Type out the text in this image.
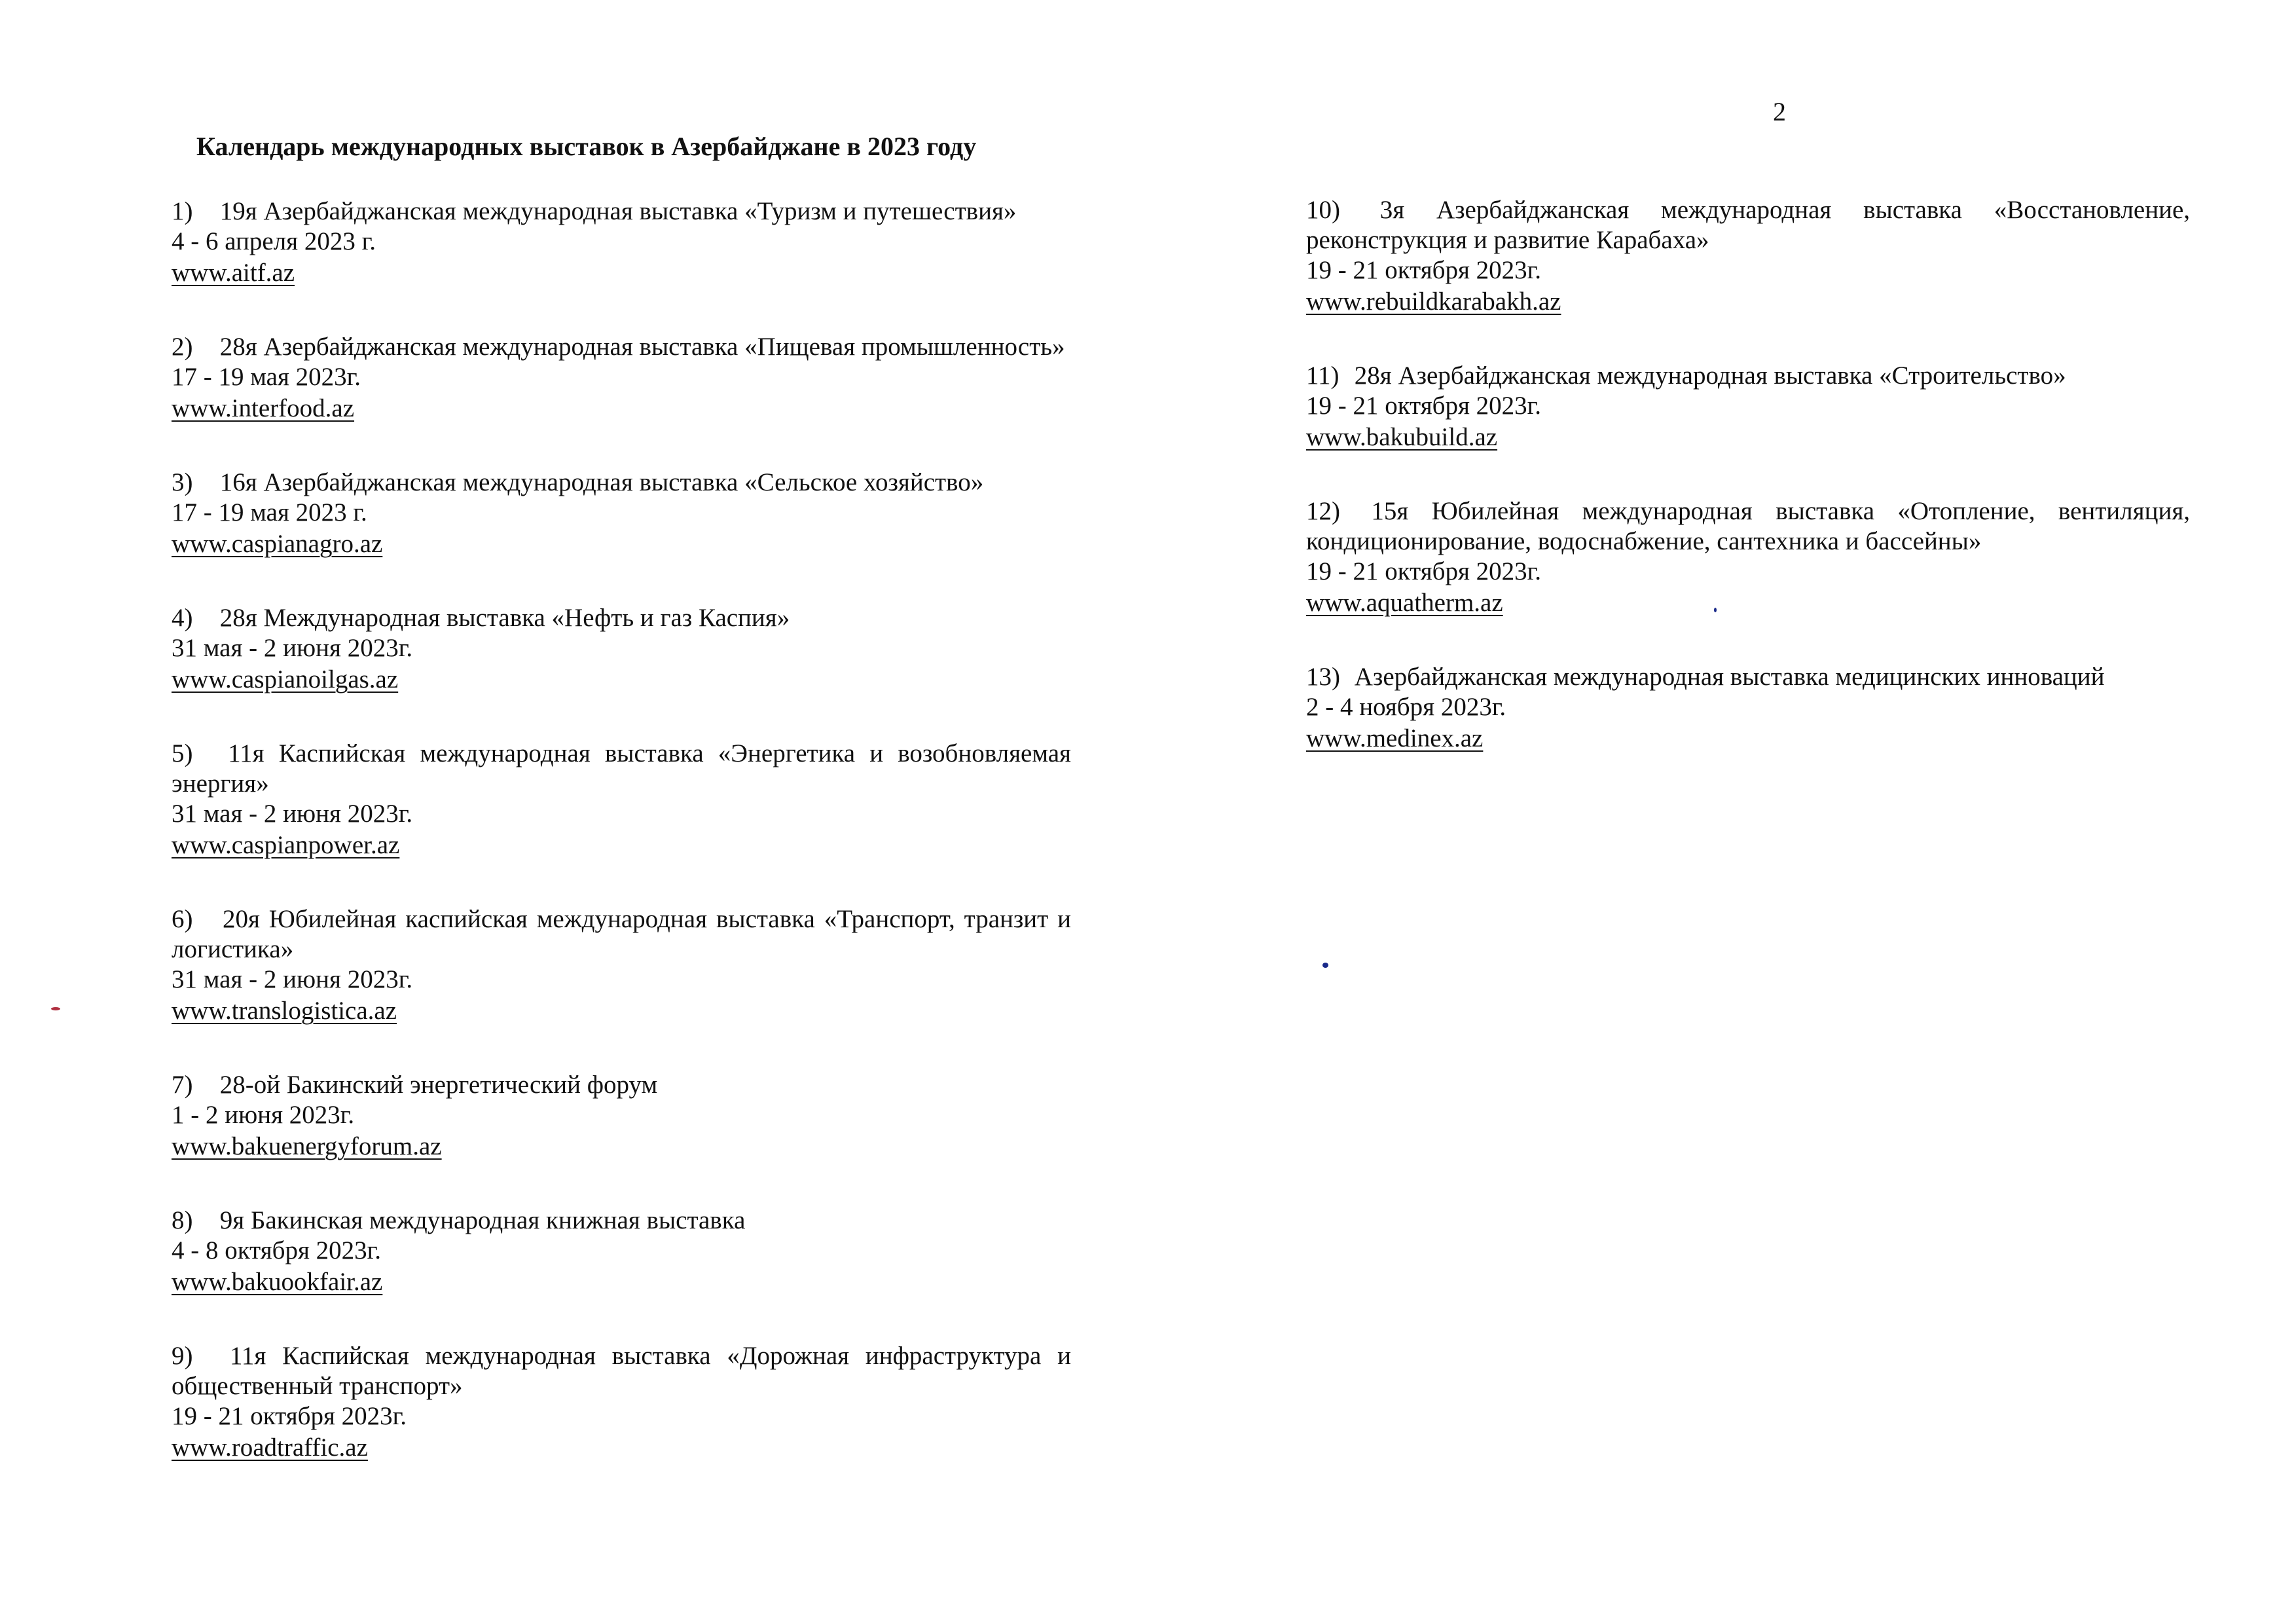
2
Календарь международных выставок в Азербайджане в 2023 году
1) 19я Азербайджанская международная выставка «Туризм и путешествия»
4 - 6 апреля 2023 г.
www.aitf.az
2) 28я Азербайджанская международная выставка «Пищевая промышленность»
17 - 19 мая 2023г.
www.interfood.az
3) 16я Азербайджанская международная выставка «Сельское хозяйство»
17 - 19 мая 2023 г.
www.caspianagro.az
4) 28я Международная выставка «Нефть и газ Каспия»
31 мая - 2 июня 2023г.
www.caspianoilgas.az
5) 11я Каспийская международная выставка «Энергетика и возобновляемая энергия»
31 мая - 2 июня 2023г.
www.caspianpower.az
6) 20я Юбилейная каспийская международная выставка «Транспорт, транзит и логистика»
31 мая - 2 июня 2023г.
www.translogistica.az
7) 28-ой Бакинский энергетический форум
1 - 2 июня 2023г.
www.bakuenergyforum.az
8) 9я Бакинская международная книжная выставка
4 - 8 октября 2023г.
www.bakuookfair.az
9) 11я Каспийская международная выставка «Дорожная инфраструктура и общественный транспорт»
19 - 21 октября 2023г.
www.roadtraffic.az
10) 3я Азербайджанская международная выставка «Восстановление, реконструкция и развитие Карабаха»
19 - 21 октября 2023г.
www.rebuildkarabakh.az
11) 28я Азербайджанская международная выставка «Строительство»
19 - 21 октября 2023г.
www.bakubuild.az
12) 15я Юбилейная международная выставка «Отопление, вентиляция, кондиционирование, водоснабжение, сантехника и бассейны»
19 - 21 октября 2023г.
www.aquatherm.az
13) Азербайджанская международная выставка медицинских инноваций
2 - 4 ноября 2023г.
www.medinex.az
